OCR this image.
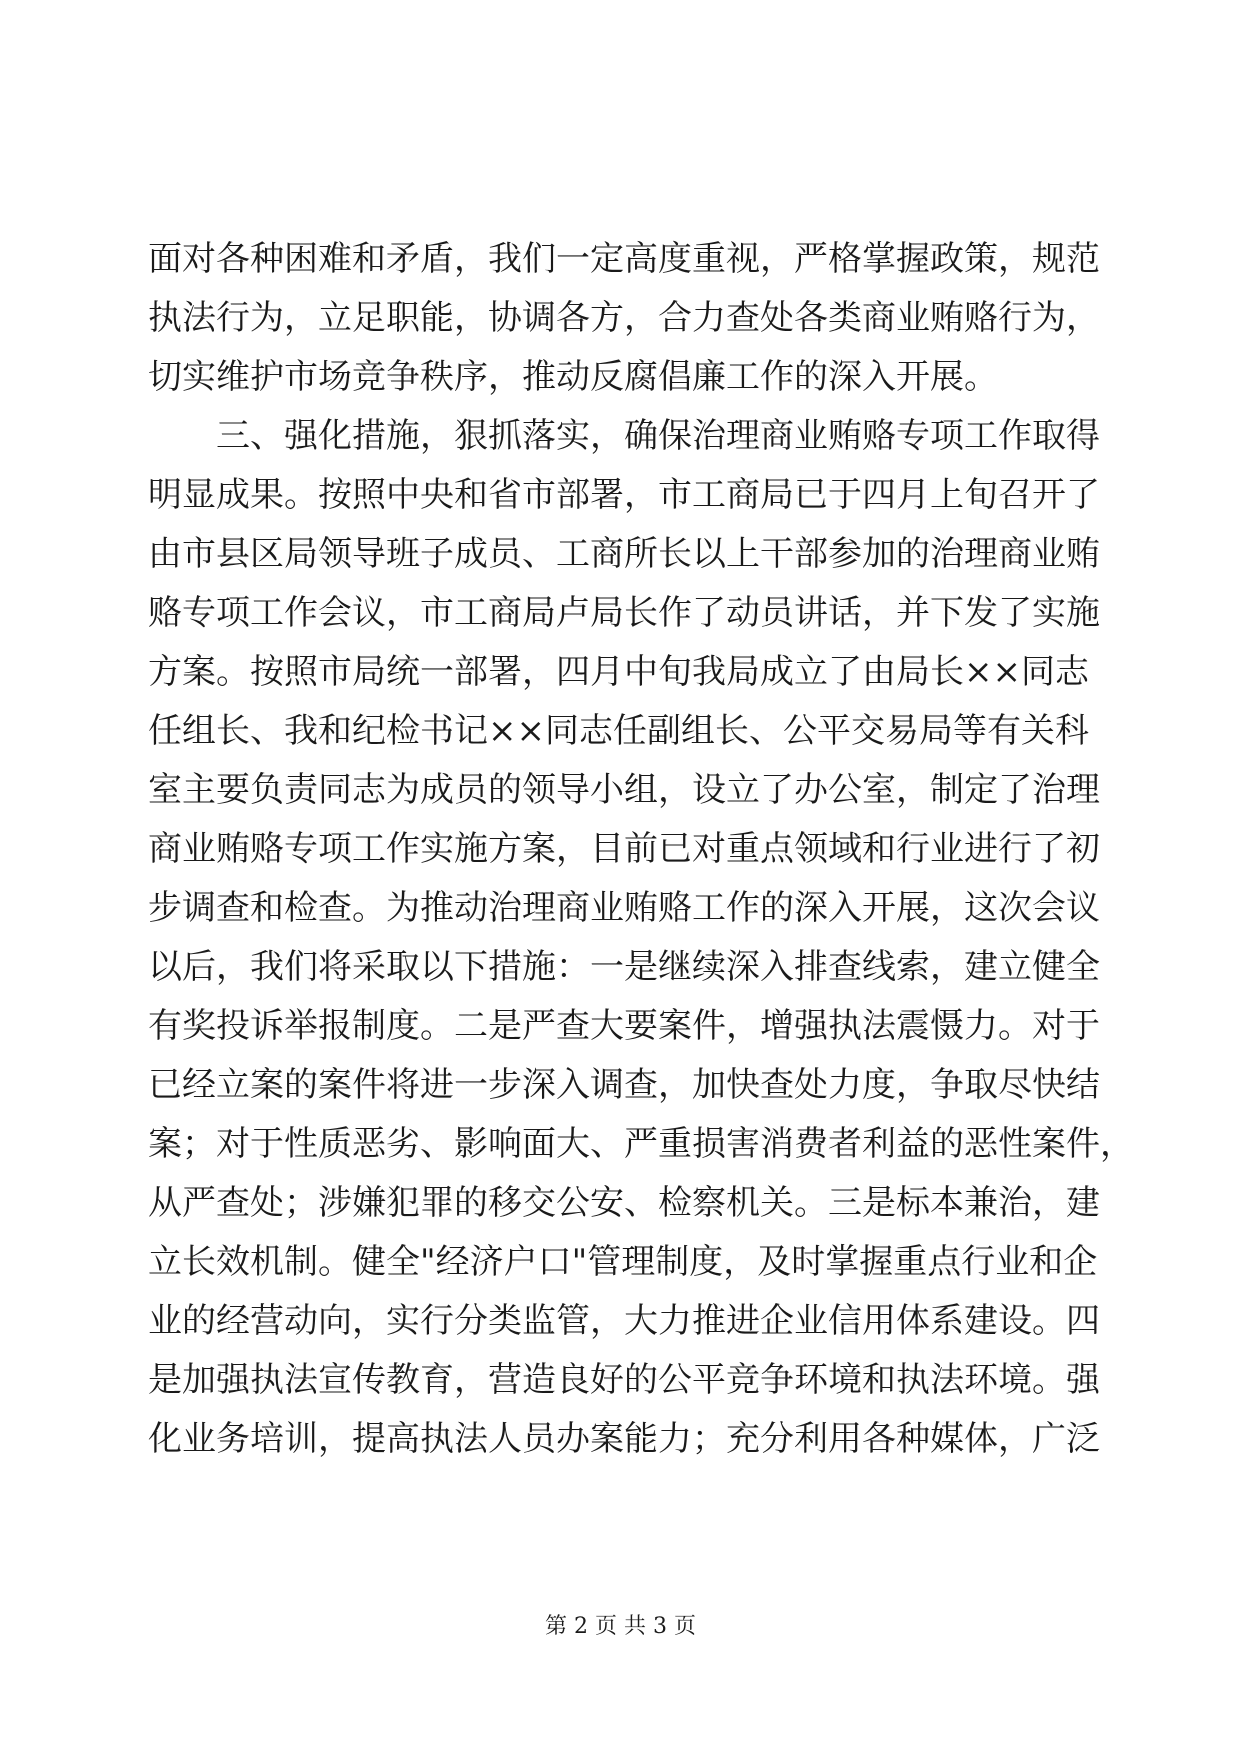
面对各种困难和矛盾，我们一定高度重视，严格掌握政策，规范
执法行为，立足职能，协调各方，合力查处各类商业贿赂行为，
切实维护市场竞争秩序，推动反腐倡廉工作的深入开展。
　　三、强化措施，狠抓落实，确保治理商业贿赂专项工作取得
明显成果。按照中央和省市部署，市工商局已于四月上旬召开了
由市县区局领导班子成员、工商所长以上干部参加的治理商业贿
赂专项工作会议，市工商局卢局长作了动员讲话，并下发了实施
方案。按照市局统一部署，四月中旬我局成立了由局长××同志
任组长、我和纪检书记××同志任副组长、公平交易局等有关科
室主要负责同志为成员的领导小组，设立了办公室，制定了治理
商业贿赂专项工作实施方案，目前已对重点领域和行业进行了初
步调查和检查。为推动治理商业贿赂工作的深入开展，这次会议
以后，我们将采取以下措施：一是继续深入排查线索，建立健全
有奖投诉举报制度。二是严查大要案件，增强执法震慑力。对于
已经立案的案件将进一步深入调查，加快查处力度，争取尽快结
案；对于性质恶劣、影响面大、严重损害消费者利益的恶性案件，
从严查处；涉嫌犯罪的移交公安、检察机关。三是标本兼治，建
立长效机制。健全"经济户口"管理制度，及时掌握重点行业和企
业的经营动向，实行分类监管，大力推进企业信用体系建设。四
是加强执法宣传教育，营造良好的公平竞争环境和执法环境。强
化业务培训，提高执法人员办案能力；充分利用各种媒体，广泛
第 2 页 共 3 页
